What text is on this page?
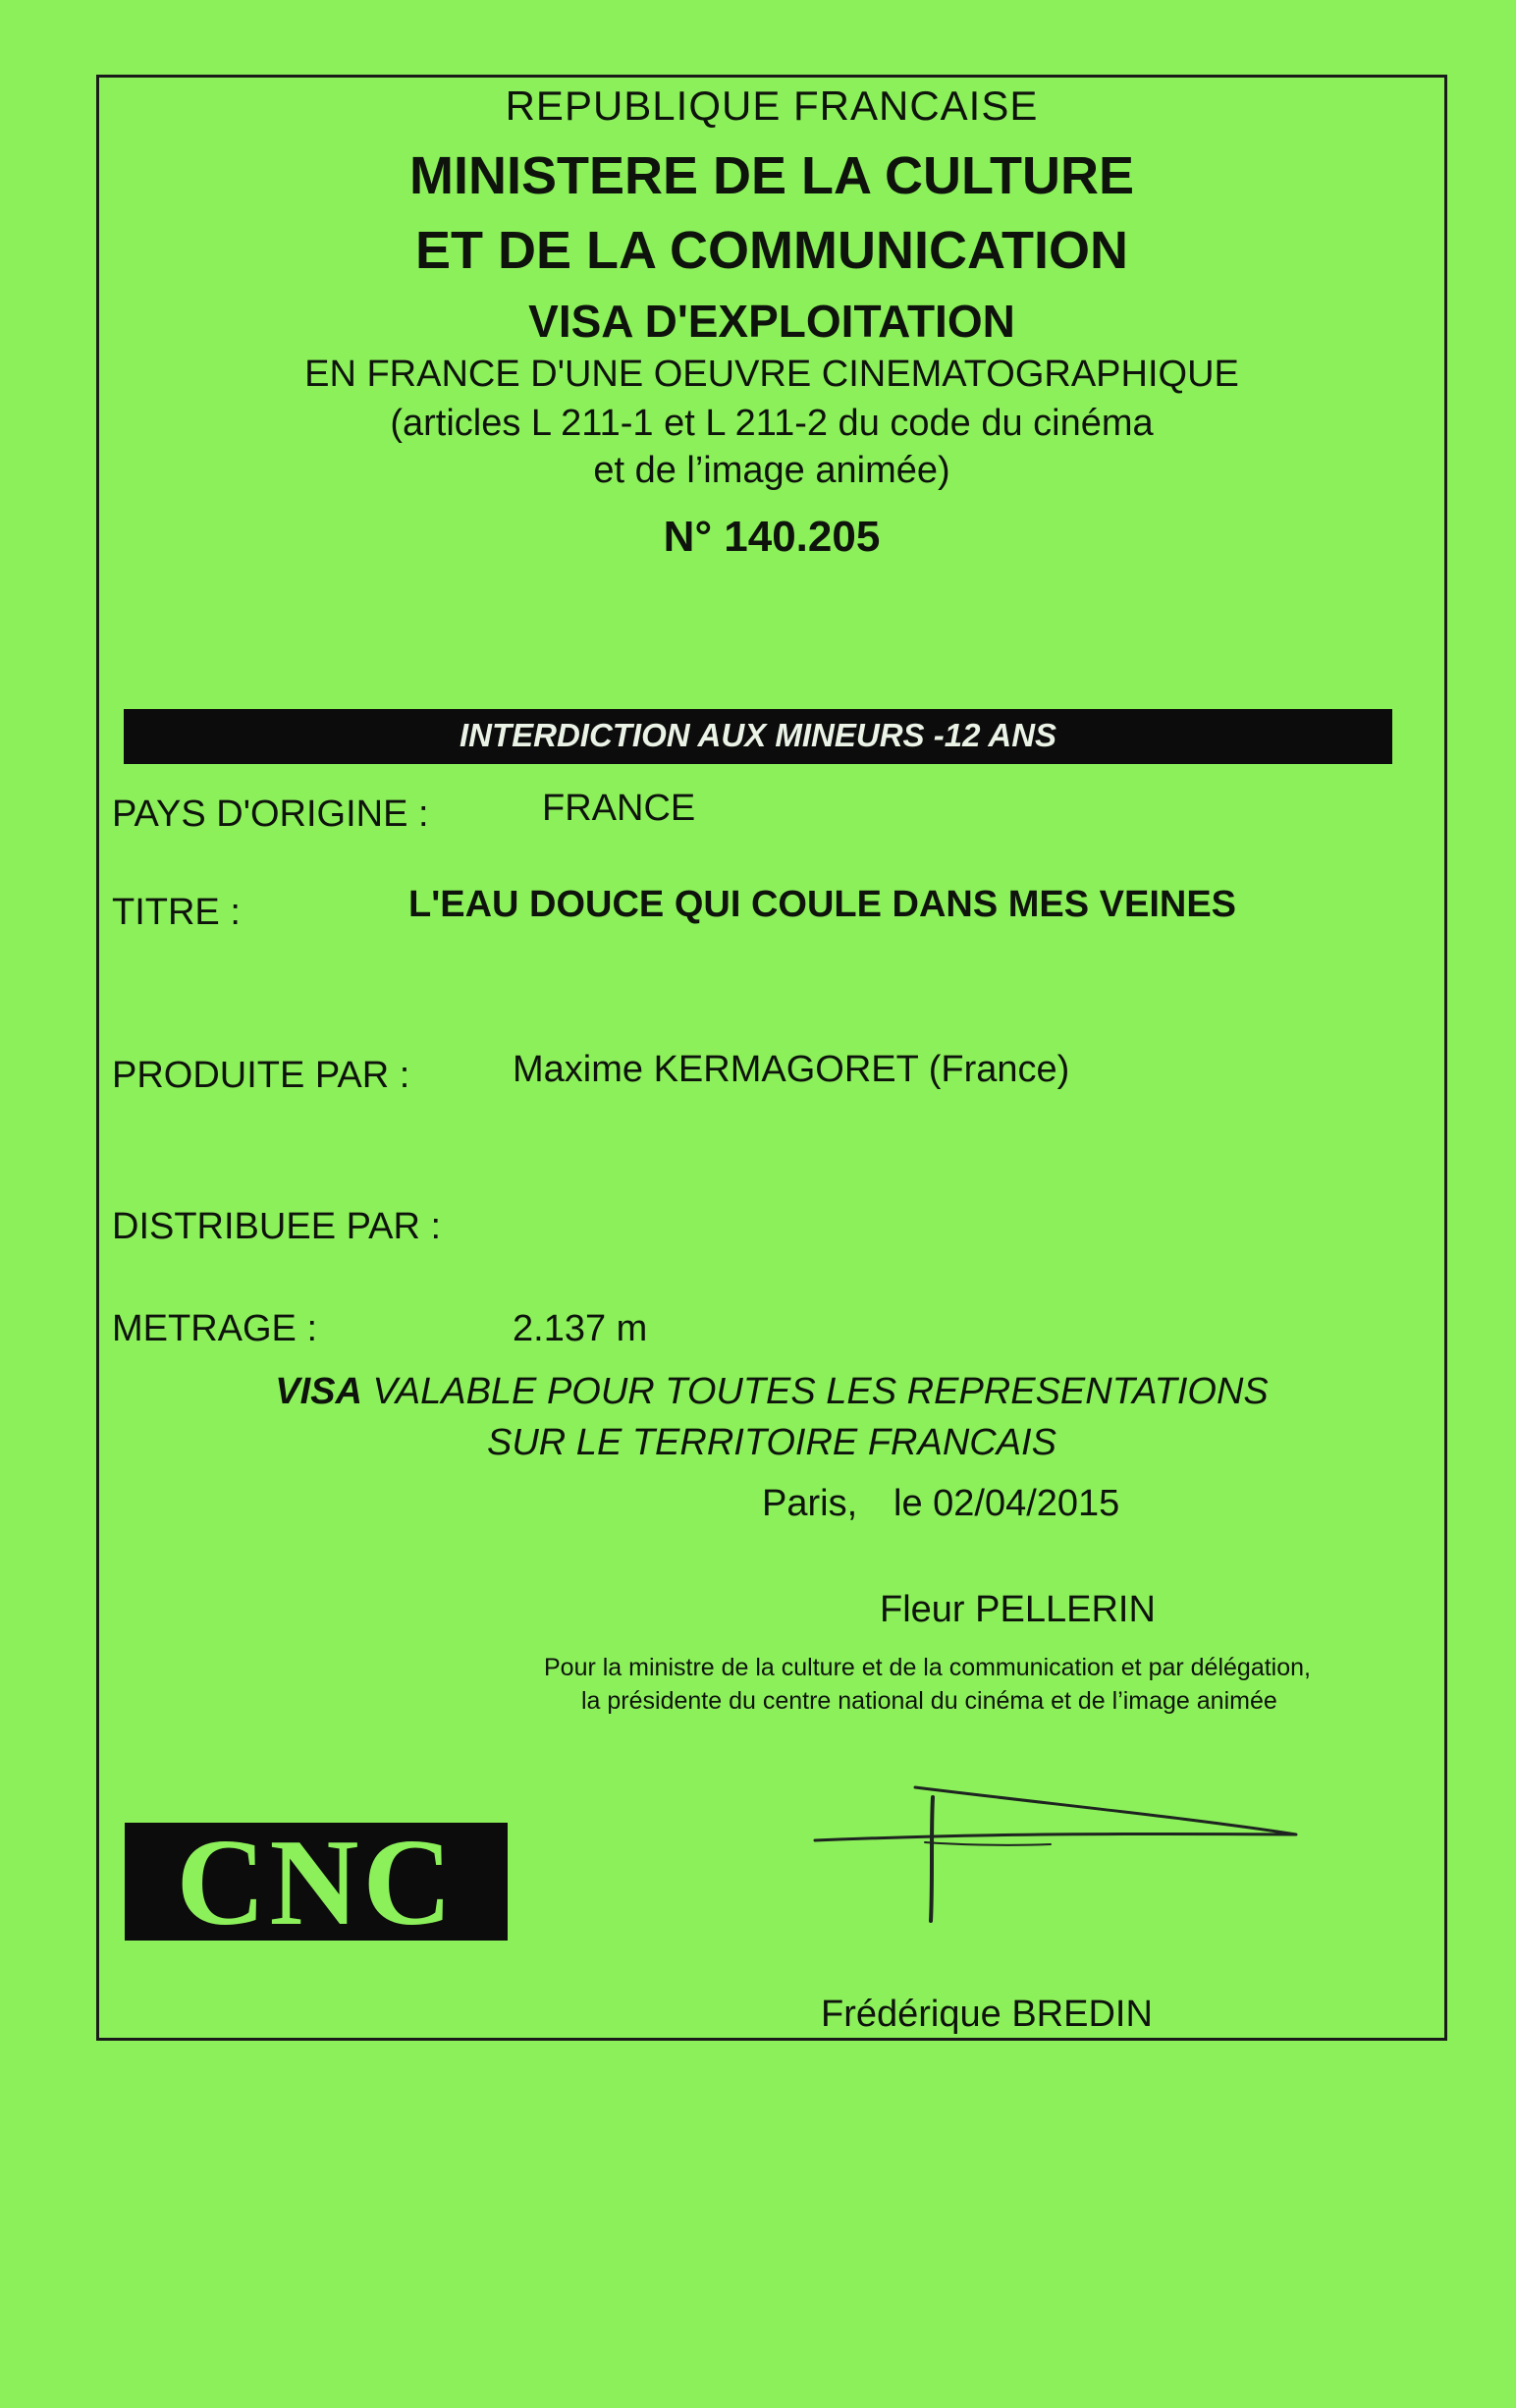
REPUBLIQUE FRANCAISE
MINISTERE DE LA CULTURE
ET DE LA COMMUNICATION
VISA D'EXPLOITATION
EN FRANCE D'UNE OEUVRE CINEMATOGRAPHIQUE
(articles L 211-1 et L 211-2 du code du cinéma
et de l’image animée)
N° 140.205
INTERDICTION AUX MINEURS -12 ANS
PAYS D'ORIGINE :	FRANCE
TITRE :	L'EAU DOUCE QUI COULE DANS MES VEINES
PRODUITE PAR :	Maxime KERMAGORET (France)
DISTRIBUEE PAR :
METRAGE :	2.137 m
VISA VALABLE POUR TOUTES LES REPRESENTATIONS
SUR LE TERRITOIRE FRANCAIS
Paris, le 02/04/2015
Fleur PELLERIN
Pour la ministre de la culture et de la communication et par délégation,
la présidente du centre national du cinéma et de l’image animée
Frédérique BREDIN
CNC
